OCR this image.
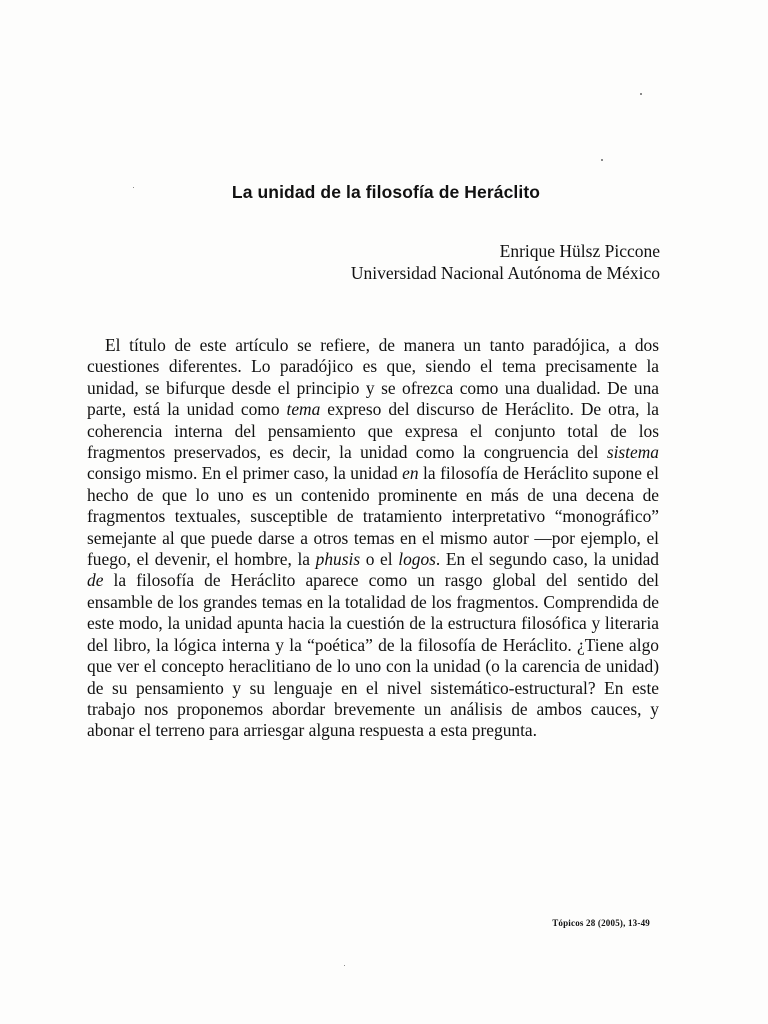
La unidad de la filosofía de Heráclito
Enrique Hülsz Piccone
Universidad Nacional Autónoma de México

El título de este artículo se refiere, de manera un tanto paradójica, a dos cuestiones diferentes. Lo paradójico es que, siendo el tema precisamente la unidad, se bifurque desde el principio y se ofrezca como una dualidad. De una parte, está la unidad como tema expreso del discurso de Heráclito. De otra, la coherencia interna del pensamiento que expresa el conjunto total de los fragmentos preservados, es decir, la unidad como la congruencia del sistema consigo mismo. En el primer caso, la unidad en la filosofía de Heráclito supone el hecho de que lo uno es un contenido prominente en más de una decena de fragmentos textuales, susceptible de tratamiento interpretativo “monográfico” semejante al que puede darse a otros temas en el mismo autor —por ejemplo, el fuego, el devenir, el hombre, la phusis o el logos. En el segundo caso, la unidad de la filosofía de Heráclito aparece como un rasgo global del sentido del ensamble de los grandes temas en la totalidad de los fragmentos. Comprendida de este modo, la unidad apunta hacia la cuestión de la estructura filosófica y literaria del libro, la lógica interna y la “poética” de la filosofía de Heráclito. ¿Tiene algo que ver el concepto heraclitiano de lo uno con la unidad (o la carencia de unidad) de su pensamiento y su lenguaje en el nivel sistemático-estructural? En este trabajo nos proponemos abordar brevemente un análisis de ambos cauces, y abonar el terreno para arriesgar alguna respuesta a esta pregunta.

Tópicos 28 (2005), 13-49
